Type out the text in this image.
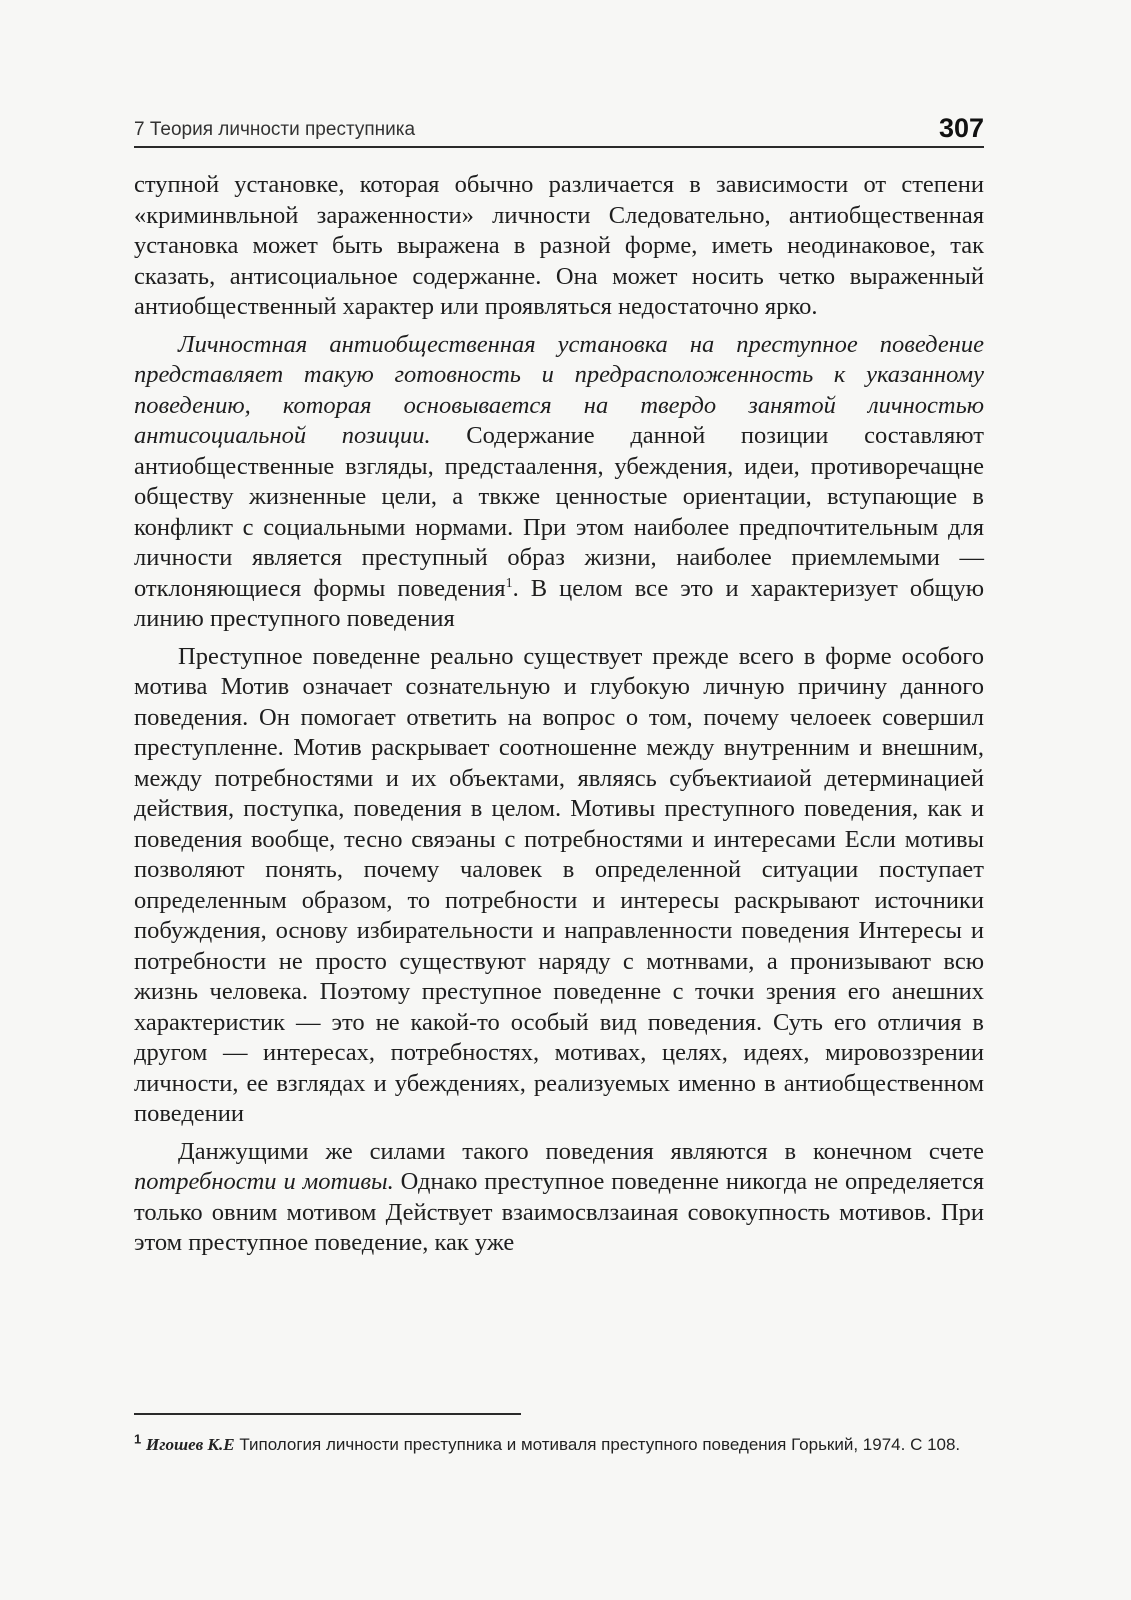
7 Теория личности преступника	307

ступной установке, которая обычно различается в зависимости от степени «криминвльной зараженности» личности Следовательно, антиобщественная установка может быть выражена в разной форме, иметь неодинаковое, так сказать, антисоциальное содержанне. Она может носить четко выраженный антиобщественный характер или проявляться недостаточно ярко.

Личностная антиобщественная установка на преступное поведение представляет такую готовность и предрасположенность к указанному поведению, которая основывается на твердо занятой личностью антисоциальной позиции. Содержание данной позиции составляют антиобщественные взгляды, предстаалення, убеждения, идеи, противоречащне обществу жизненные цели, а твкже ценностые ориентации, вступающие в конфликт с социальными нормами. При этом наиболее предпочтительным для личности является преступный образ жизни, наиболее приемлемыми — отклоняющиеся формы поведения$^1$. В целом все это и характеризует общую линию преступного поведения

Преступное поведенне реально существует прежде всего в форме особого мотива Мотив означает сознательную и глубокую личную причину данного поведения. Он помогает ответить на вопрос о том, почему челоеек совершил преступленне. Мотив раскрывает соотношенне между внутренним и внешним, между потребностями и их объектами, являясь субъектиаиой детерминацией действия, поступка, поведения в целом. Мотивы преступного поведения, как и поведения вообще, тесно свяэаны с потребностями и интересами Если мотивы позволяют понять, почему чаловек в определенной ситуации поступает определенным образом, то потребности и интересы раскрывают источники побуждения, основу избирательности и направленности поведения Интересы и потребности не просто существуют наряду с мотнвами, а пронизывают всю жизнь человека. Поэтому преступное поведенне с точки зрения его анешних характеристик — это не какой-то особый вид поведения. Суть его отличия в другом — интересах, потребностях, мотивах, целях, идеях, мировоззрении личности, ее взглядах и убеждениях, реализуемых именно в антиобщественном поведении

Данжущими же силами такого поведения являются в конечном счете потребности и мотивы. Однако преступное поведенне никогда не определяется только овним мотивом Действует взаимосвлзаиная совокупность мотивов. При этом преступное поведение, как уже

$^1$ Игошев К.Е Типология личности преступника и мотиваля преступного поведения Горький, 1974. С 108.
